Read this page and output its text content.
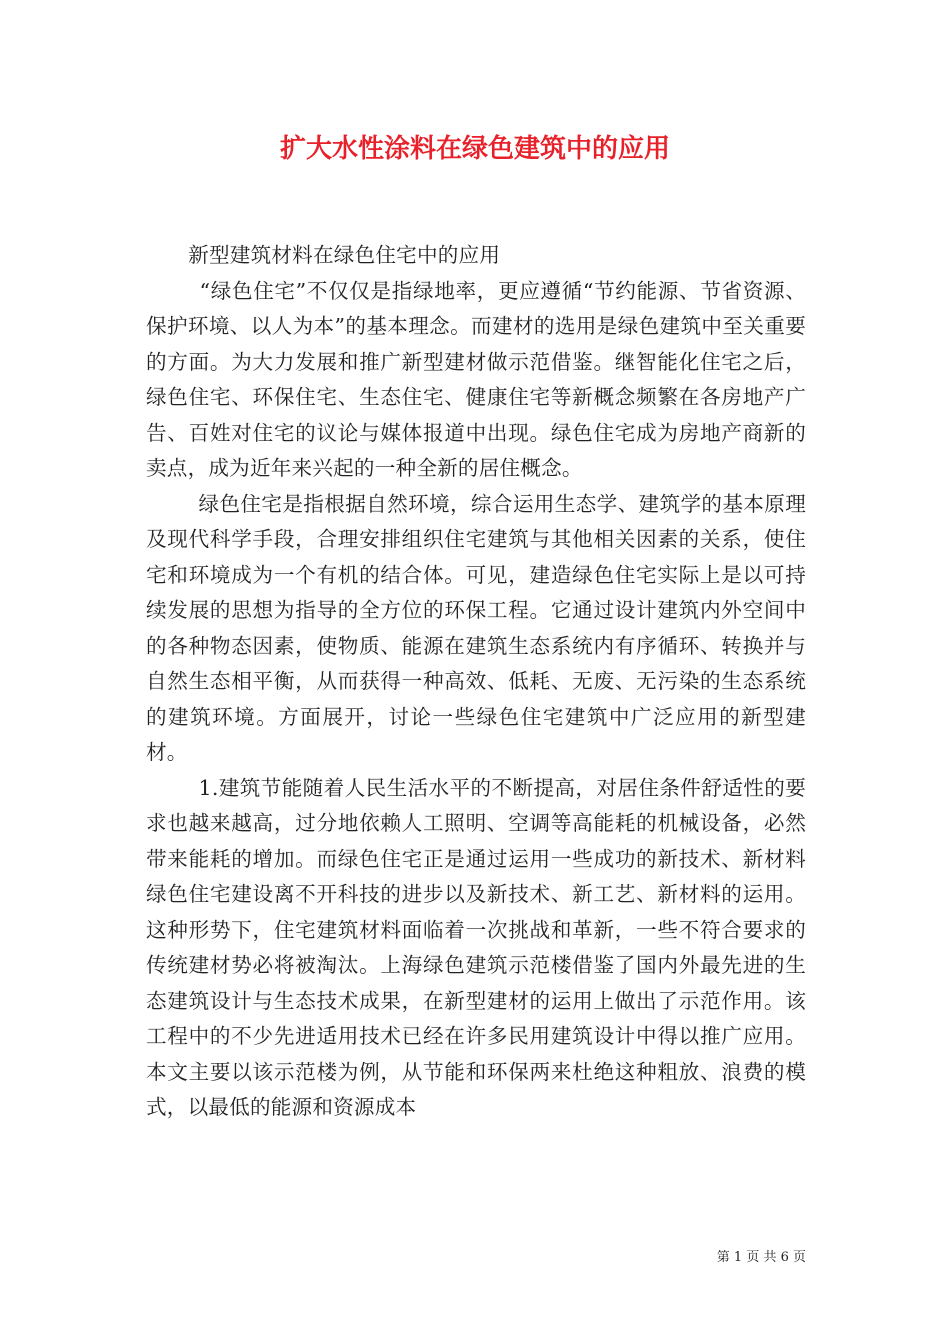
扩大水性涂料在绿色建筑中的应用

新型建筑材料在绿色住宅中的应用

“绿色住宅”不仅仅是指绿地率，更应遵循“节约能源、节省资源、保护环境、以人为本”的基本理念。而建材的选用是绿色建筑中至关重要的方面。为大力发展和推广新型建材做示范借鉴。继智能化住宅之后，绿色住宅、环保住宅、生态住宅、健康住宅等新概念频繁在各房地产广告、百姓对住宅的议论与媒体报道中出现。绿色住宅成为房地产商新的卖点，成为近年来兴起的一种全新的居住概念。

绿色住宅是指根据自然环境，综合运用生态学、建筑学的基本原理及现代科学手段，合理安排组织住宅建筑与其他相关因素的关系，使住宅和环境成为一个有机的结合体。可见，建造绿色住宅实际上是以可持续发展的思想为指导的全方位的环保工程。它通过设计建筑内外空间中的各种物态因素，使物质、能源在建筑生态系统内有序循环、转换并与自然生态相平衡，从而获得一种高效、低耗、无废、无污染的生态系统的建筑环境。方面展开，讨论一些绿色住宅建筑中广泛应用的新型建材。

1.建筑节能随着人民生活水平的不断提高，对居住条件舒适性的要求也越来越高，过分地依赖人工照明、空调等高能耗的机械设备，必然带来能耗的增加。而绿色住宅正是通过运用一些成功的新技术、新材料绿色住宅建设离不开科技的进步以及新技术、新工艺、新材料的运用。这种形势下，住宅建筑材料面临着一次挑战和革新，一些不符合要求的传统建材势必将被淘汰。上海绿色建筑示范楼借鉴了国内外最先进的生态建筑设计与生态技术成果，在新型建材的运用上做出了示范作用。该工程中的不少先进适用技术已经在许多民用建筑设计中得以推广应用。本文主要以该示范楼为例，从节能和环保两来杜绝这种粗放、浪费的模式，以最低的能源和资源成本

第 1 页 共 6 页
